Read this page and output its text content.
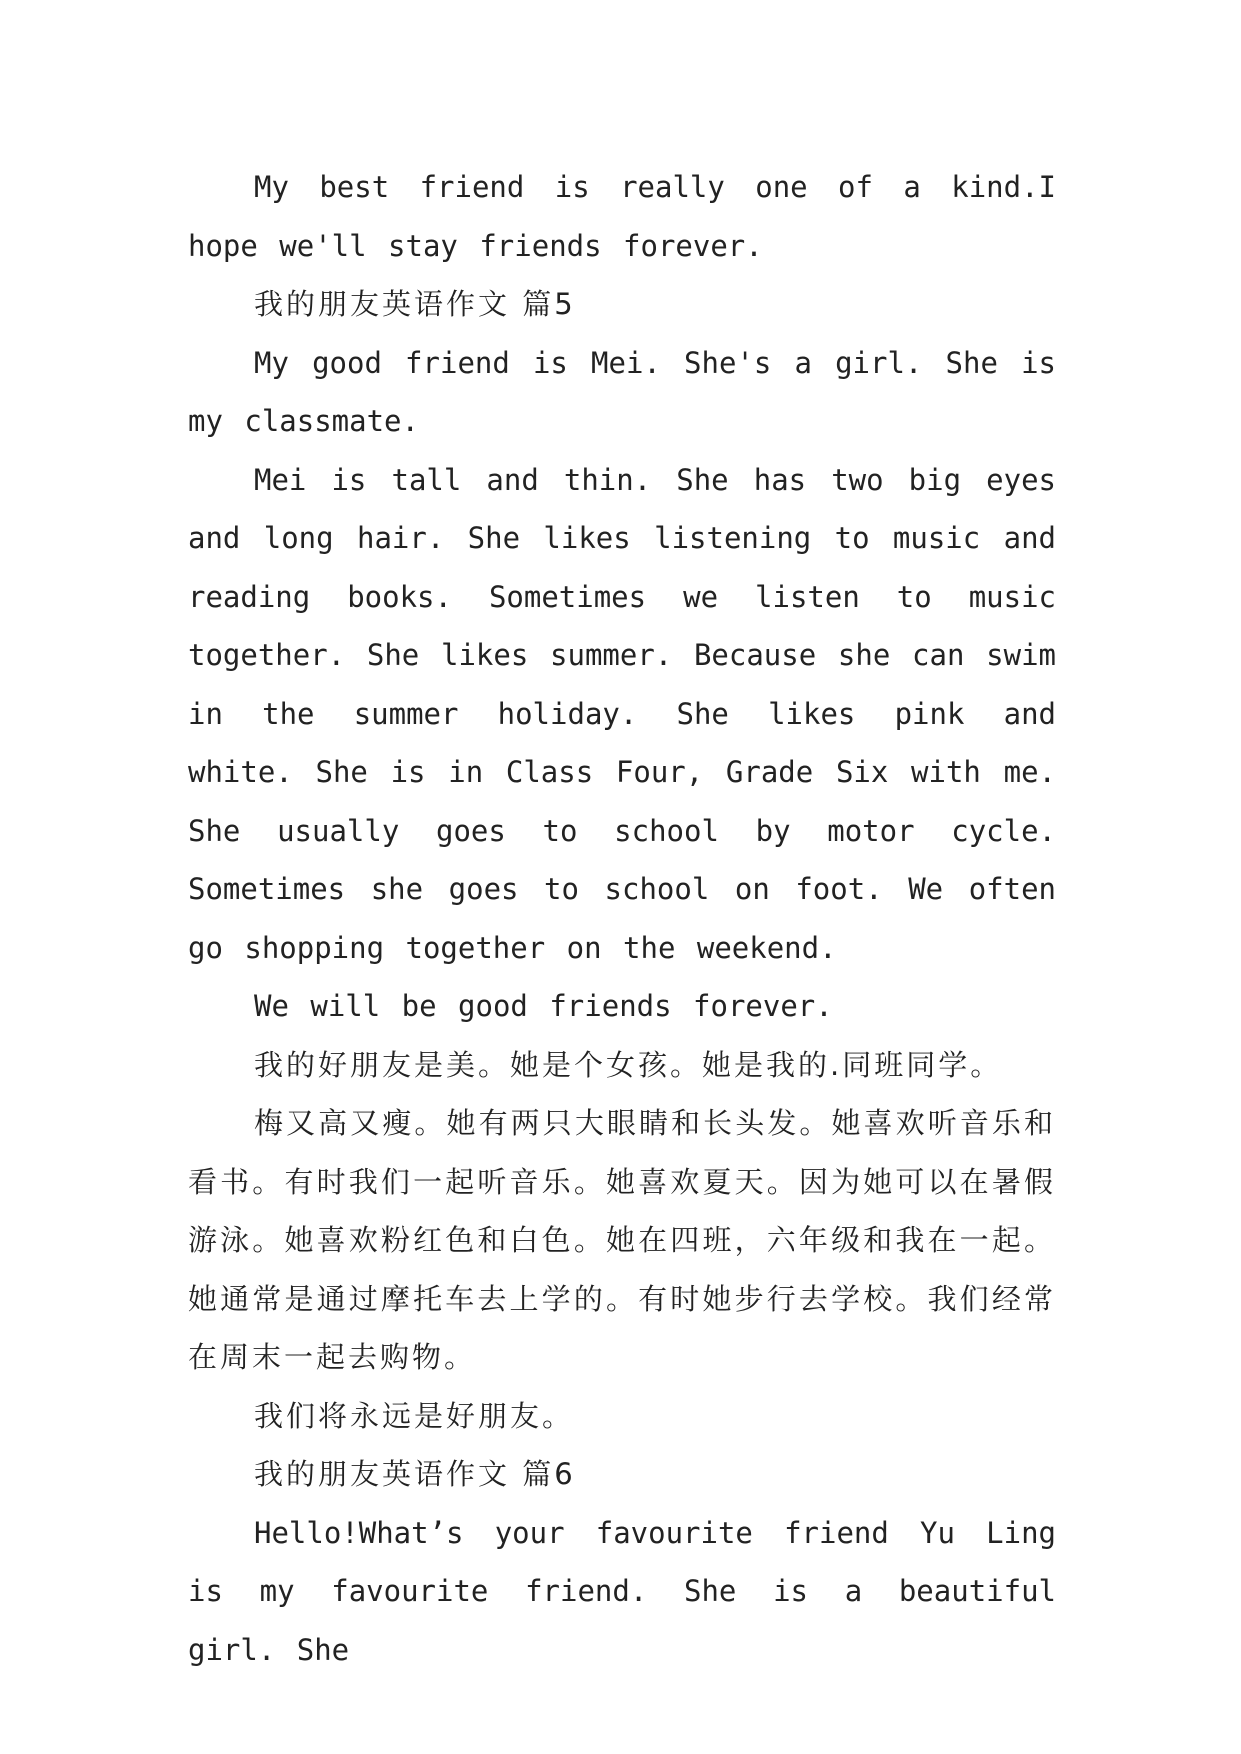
My best friend is really one of a kind.I hope we'll stay friends forever.

我的朋友英语作文 篇5

My good friend is Mei. She's a girl. She is my classmate.

Mei is tall and thin. She has two big eyes and long hair. She likes listening to music and reading books. Sometimes we listen to music together. She likes summer. Because she can swim in the summer holiday. She likes pink and white. She is in Class Four, Grade Six with me. She usually goes to school by motor cycle. Sometimes she goes to school on foot. We often go shopping together on the weekend.

We will be good friends forever.

我的好朋友是美。她是个女孩。她是我的.同班同学。

梅又高又瘦。她有两只大眼睛和长头发。她喜欢听音乐和看书。有时我们一起听音乐。她喜欢夏天。因为她可以在暑假游泳。她喜欢粉红色和白色。她在四班，六年级和我在一起。她通常是通过摩托车去上学的。有时她步行去学校。我们经常在周末一起去购物。

我们将永远是好朋友。

我的朋友英语作文 篇6

Hello!What’s your favourite friend Yu Ling is my favourite friend. She is a beautiful girl. She
